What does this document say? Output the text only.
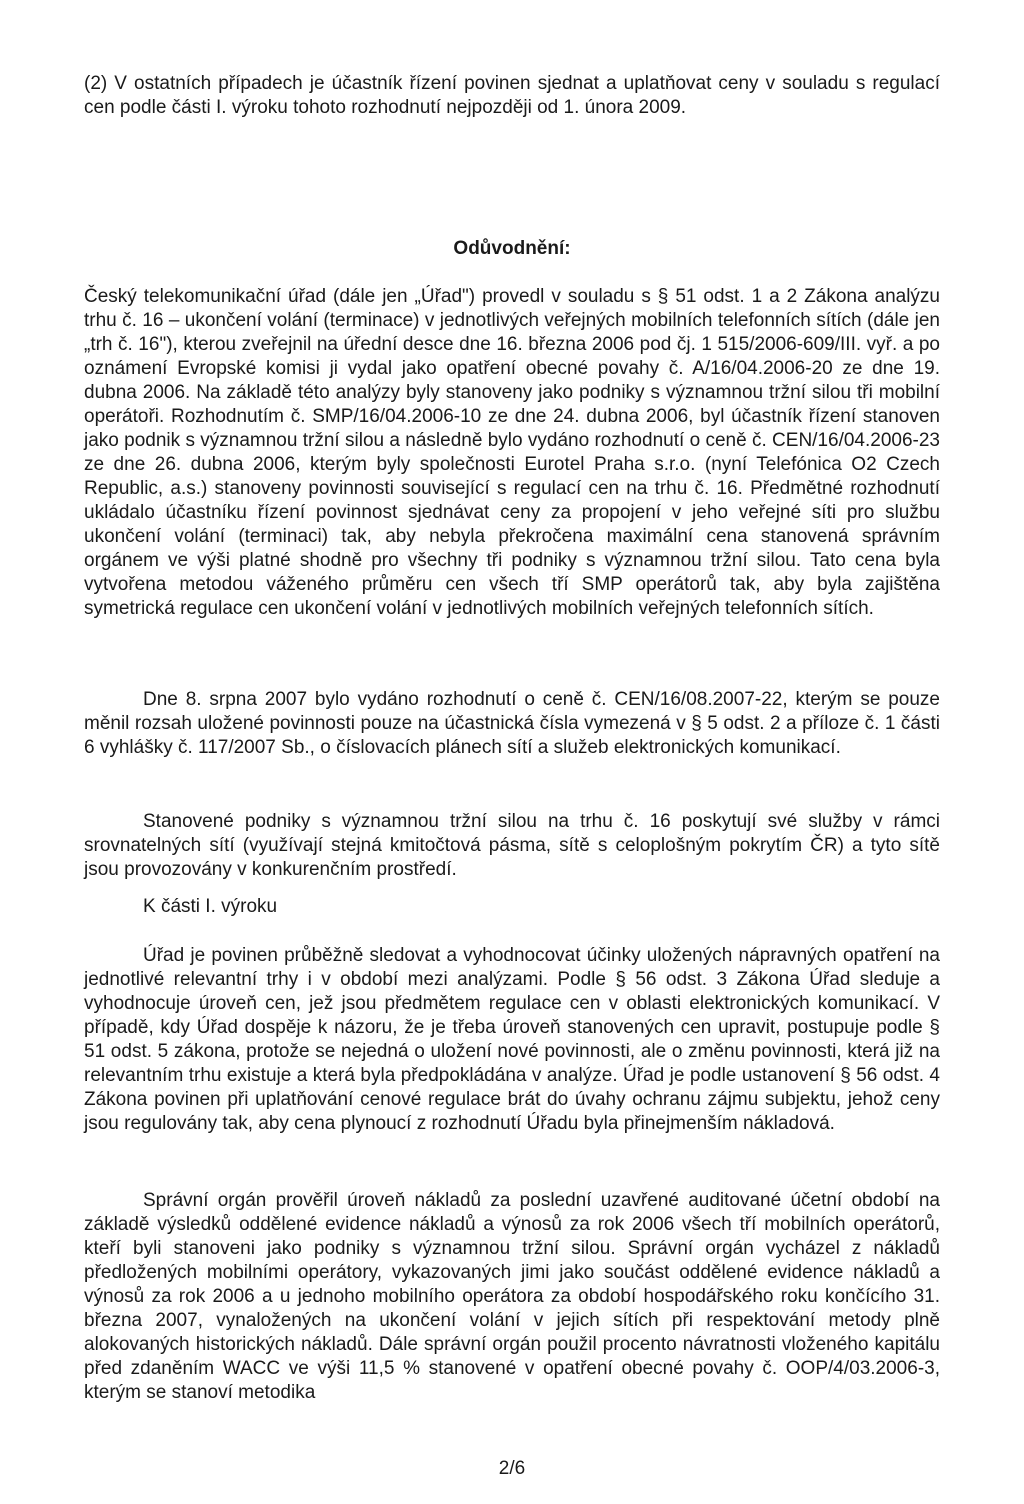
(2) V ostatních případech je účastník řízení povinen sjednat a uplatňovat ceny v souladu s regulací cen podle části I. výroku tohoto rozhodnutí nejpozději od 1. února 2009.

Odůvodnění:

Český telekomunikační úřad (dále jen „Úřad") provedl v souladu s § 51 odst. 1 a 2 Zákona analýzu trhu č. 16 – ukončení volání (terminace) v jednotlivých veřejných mobilních telefonních sítích (dále jen „trh č. 16"), kterou zveřejnil na úřední desce dne 16. března 2006 pod čj. 1 515/2006-609/III. vyř. a po oznámení Evropské komisi ji vydal jako opatření obecné povahy č. A/16/04.2006-20 ze dne 19. dubna 2006. Na základě této analýzy byly stanoveny jako podniky s významnou tržní silou tři mobilní operátoři. Rozhodnutím č. SMP/16/04.2006-10 ze dne 24. dubna 2006, byl účastník řízení stanoven jako podnik s významnou tržní silou a následně bylo vydáno rozhodnutí o ceně č. CEN/16/04.2006-23 ze dne 26. dubna 2006, kterým byly společnosti Eurotel Praha s.r.o. (nyní Telefónica O2 Czech Republic, a.s.) stanoveny povinnosti související s regulací cen na trhu č. 16. Předmětné rozhodnutí ukládalo účastníku řízení povinnost sjednávat ceny za propojení v jeho veřejné síti pro službu ukončení volání (terminaci) tak, aby nebyla překročena maximální cena stanovená správním orgánem ve výši platné shodně pro všechny tři podniky s významnou tržní silou. Tato cena byla vytvořena metodou váženého průměru cen všech tří SMP operátorů tak, aby byla zajištěna symetrická regulace cen ukončení volání v jednotlivých mobilních veřejných telefonních sítích.

Dne 8. srpna 2007 bylo vydáno rozhodnutí o ceně č. CEN/16/08.2007-22, kterým se pouze měnil rozsah uložené povinnosti pouze na účastnická čísla vymezená v § 5 odst. 2 a příloze č. 1 části 6 vyhlášky č. 117/2007 Sb., o číslovacích plánech sítí a služeb elektronických komunikací.

Stanovené podniky s významnou tržní silou na trhu č. 16 poskytují své služby v rámci srovnatelných sítí (využívají stejná kmitočtová pásma, sítě s celoplošným pokrytím ČR) a tyto sítě jsou provozovány v konkurenčním prostředí.

K části I. výroku

Úřad je povinen průběžně sledovat a vyhodnocovat účinky uložených nápravných opatření na jednotlivé relevantní trhy i v období mezi analýzami. Podle § 56 odst. 3 Zákona Úřad sleduje a vyhodnocuje úroveň cen, jež jsou předmětem regulace cen v oblasti elektronických komunikací. V případě, kdy Úřad dospěje k názoru, že je třeba úroveň stanovených cen upravit, postupuje podle § 51 odst. 5 zákona, protože se nejedná o uložení nové povinnosti, ale o změnu povinnosti, která již na relevantním trhu existuje a která byla předpokládána v analýze. Úřad je podle ustanovení § 56 odst. 4 Zákona povinen při uplatňování cenové regulace brát do úvahy ochranu zájmu subjektu, jehož ceny jsou regulovány tak, aby cena plynoucí z rozhodnutí Úřadu byla přinejmenším nákladová.

Správní orgán prověřil úroveň nákladů za poslední uzavřené auditované účetní období na základě výsledků oddělené evidence nákladů a výnosů za rok 2006 všech tří mobilních operátorů, kteří byli stanoveni jako podniky s významnou tržní silou. Správní orgán vycházel z nákladů předložených mobilními operátory, vykazovaných jimi jako součást oddělené evidence nákladů a výnosů za rok 2006 a u jednoho mobilního operátora za období hospodářského roku končícího 31. března 2007, vynaložených na ukončení volání v jejich sítích při respektování metody plně alokovaných historických nákladů. Dále správní orgán použil procento návratnosti vloženého kapitálu před zdaněním WACC ve výši 11,5 % stanovené v opatření obecné povahy č. OOP/4/03.2006-3, kterým se stanoví metodika

2/6
